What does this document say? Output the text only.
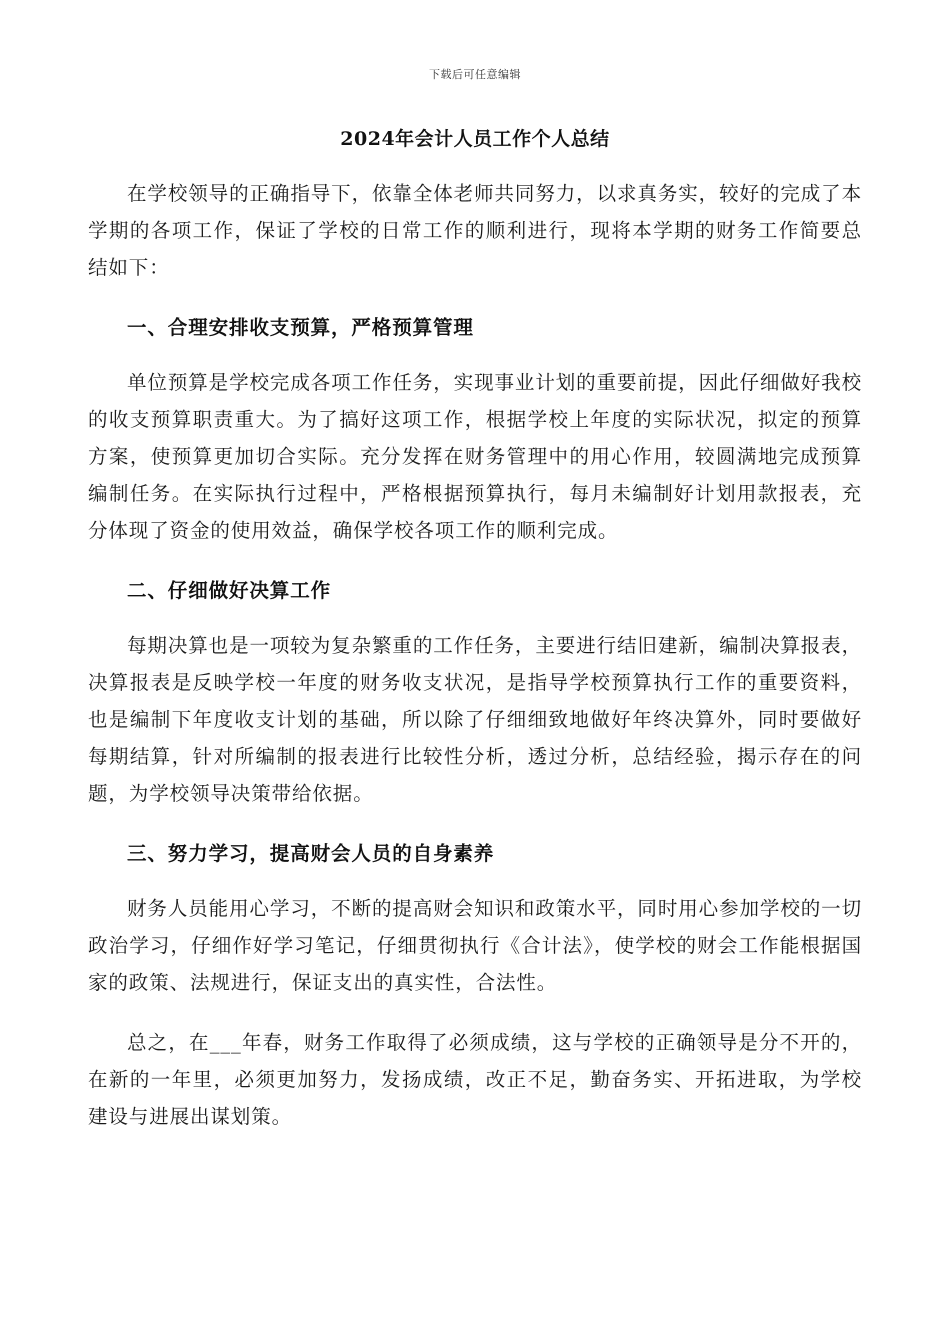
下载后可任意编辑
2024年会计人员工作个人总结

在学校领导的正确指导下，依靠全体老师共同努力，以求真务实，较好的完成了本学期的各项工作，保证了学校的日常工作的顺利进行，现将本学期的财务工作简要总结如下：

一、合理安排收支预算，严格预算管理

单位预算是学校完成各项工作任务，实现事业计划的重要前提，因此仔细做好我校的收支预算职责重大。为了搞好这项工作，根据学校上年度的实际状况，拟定的预算方案，使预算更加切合实际。充分发挥在财务管理中的用心作用，较圆满地完成预算编制任务。在实际执行过程中，严格根据预算执行，每月未编制好计划用款报表，充分体现了资金的使用效益，确保学校各项工作的顺利完成。

二、仔细做好决算工作

每期决算也是一项较为复杂繁重的工作任务，主要进行结旧建新，编制决算报表，决算报表是反映学校一年度的财务收支状况，是指导学校预算执行工作的重要资料，也是编制下年度收支计划的基础，所以除了仔细细致地做好年终决算外，同时要做好每期结算，针对所编制的报表进行比较性分析，透过分析，总结经验，揭示存在的问题，为学校领导决策带给依据。

三、努力学习，提高财会人员的自身素养

财务人员能用心学习，不断的提高财会知识和政策水平，同时用心参加学校的一切政治学习，仔细作好学习笔记，仔细贯彻执行《合计法》，使学校的财会工作能根据国家的政策、法规进行，保证支出的真实性，合法性。

总之，在___年春，财务工作取得了必须成绩，这与学校的正确领导是分不开的，在新的一年里，必须更加努力，发扬成绩，改正不足，勤奋务实、开拓进取，为学校建设与进展出谋划策。
